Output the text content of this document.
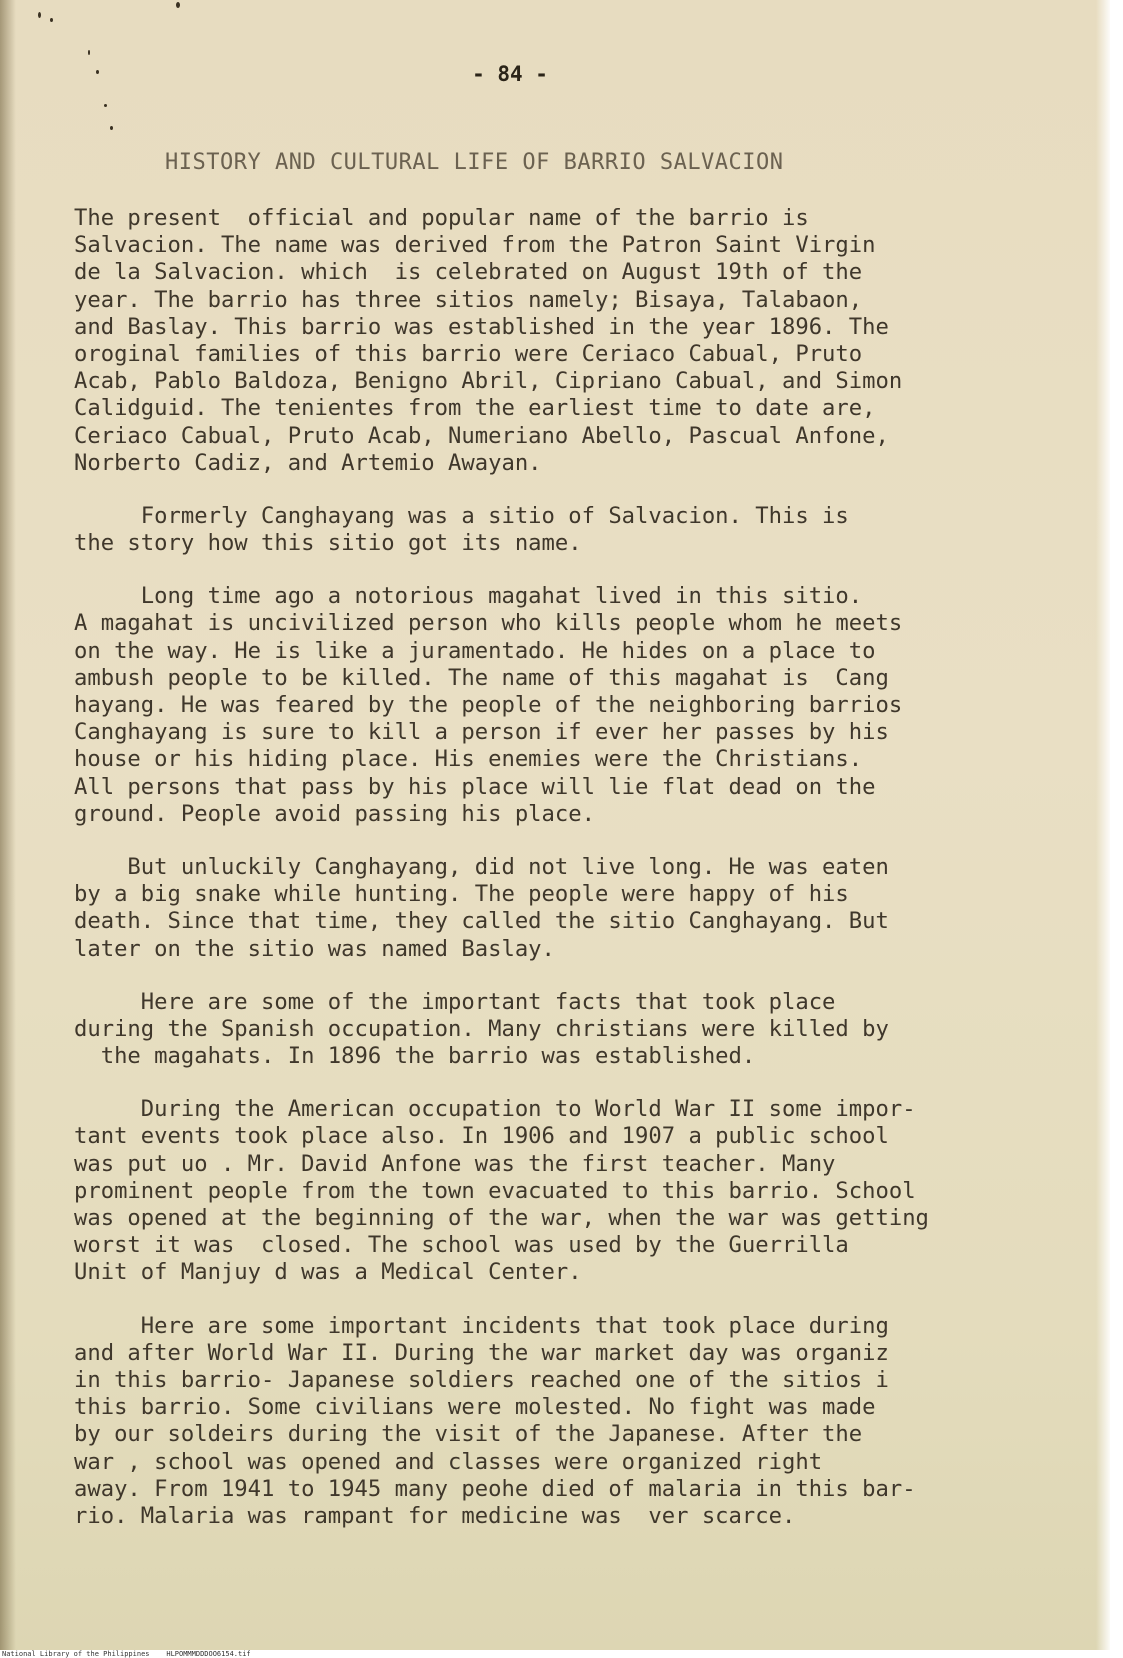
- 84 -
HISTORY AND CULTURAL LIFE OF BARRIO SALVACION
The present  official and popular name of the barrio is
Salvacion. The name was derived from the Patron Saint Virgin
de la Salvacion. which  is celebrated on August 19th of the
year. The barrio has three sitios namely; Bisaya, Talabaon,
and Baslay. This barrio was established in the year 1896. The
oroginal families of this barrio were Ceriaco Cabual, Pruto
Acab, Pablo Baldoza, Benigno Abril, Cipriano Cabual, and Simon
Calidguid. The tenientes from the earliest time to date are,
Ceriaco Cabual, Pruto Acab, Numeriano Abello, Pascual Anfone,
Norberto Cadiz, and Artemio Awayan.
Formerly Canghayang was a sitio of Salvacion. This is
the story how this sitio got its name.
Long time ago a notorious magahat lived in this sitio.
A magahat is uncivilized person who kills people whom he meets
on the way. He is like a juramentado. He hides on a place to
ambush people to be killed. The name of this magahat is  Cang
hayang. He was feared by the people of the neighboring barrios
Canghayang is sure to kill a person if ever her passes by his
house or his hiding place. His enemies were the Christians.
All persons that pass by his place will lie flat dead on the
ground. People avoid passing his place.
But unluckily Canghayang, did not live long. He was eaten
by a big snake while hunting. The people were happy of his
death. Since that time, they called the sitio Canghayang. But
later on the sitio was named Baslay.
Here are some of the important facts that took place
during the Spanish occupation. Many christians were killed by
the magahats. In 1896 the barrio was established.
During the American occupation to World War II some impor-
tant events took place also. In 1906 and 1907 a public school
was put uo . Mr. David Anfone was the first teacher. Many
prominent people from the town evacuated to this barrio. School
was opened at the beginning of the war, when the war was getting
worst it was  closed. The school was used by the Guerrilla
Unit of Manjuy d was a Medical Center.
Here are some important incidents that took place during
and after World War II. During the war market day was organiz
in this barrio- Japanese soldiers reached one of the sitios i
this barrio. Some civilians were molested. No fight was made
by our soldeirs during the visit of the Japanese. After the
war , school was opened and classes were organized right
away. From 1941 to 1945 many peohe died of malaria in this bar-
rio. Malaria was rampant for medicine was  ver scarce.
National Library of the Philippines    HLPOMMMDDDOO6154.tif
